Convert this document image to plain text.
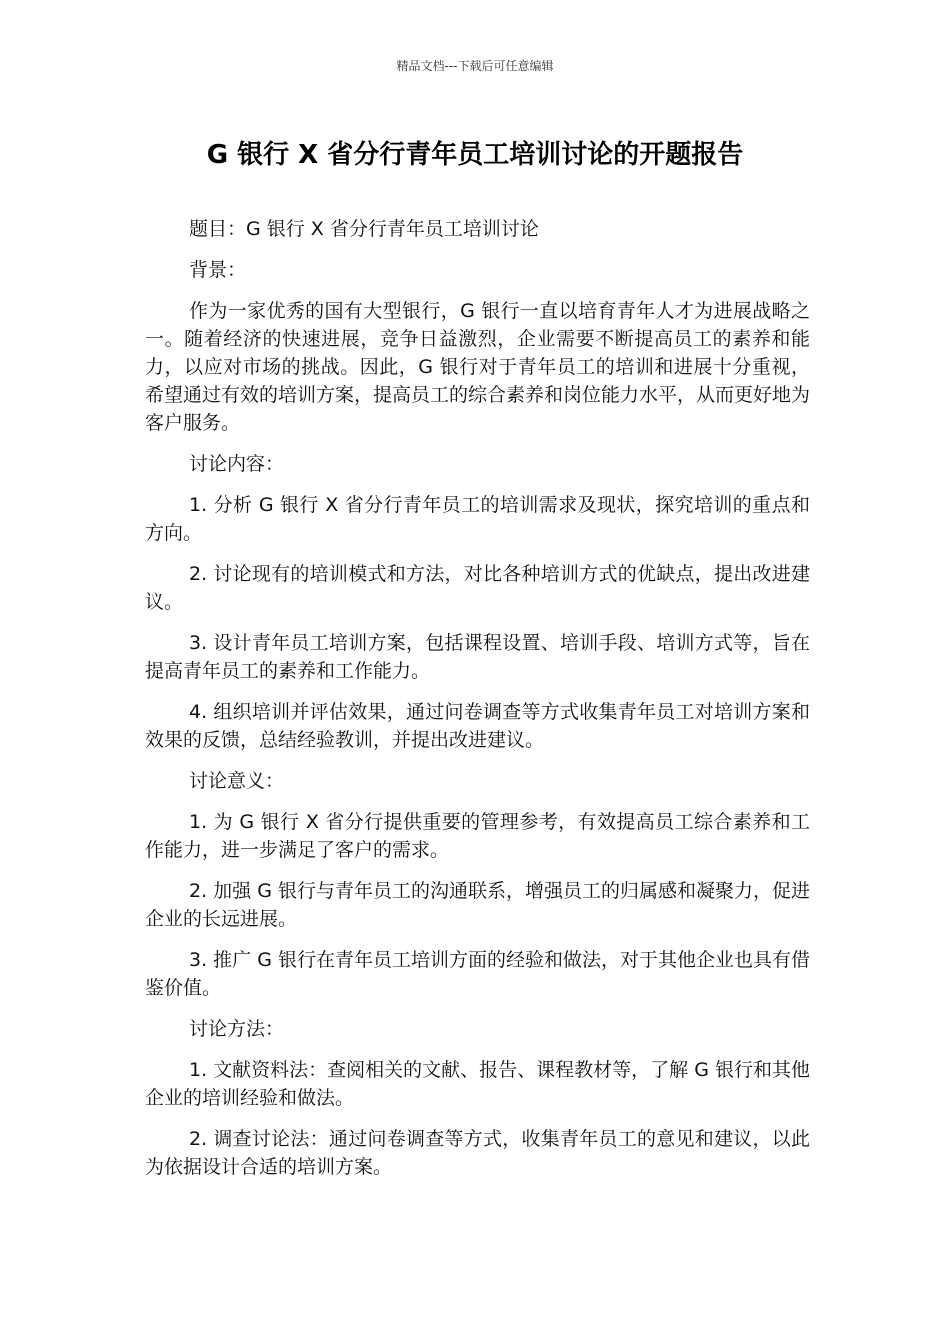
精品文档---下载后可任意编辑
G 银行 X 省分行青年员工培训讨论的开题报告

题目：G 银行 X 省分行青年员工培训讨论

背景：

作为一家优秀的国有大型银行，G 银行一直以培育青年人才为进展战略之一。随着经济的快速进展，竞争日益激烈，企业需要不断提高员工的素养和能力，以应对市场的挑战。因此，G 银行对于青年员工的培训和进展十分重视，希望通过有效的培训方案，提高员工的综合素养和岗位能力水平，从而更好地为客户服务。

讨论内容：

1. 分析 G 银行 X 省分行青年员工的培训需求及现状，探究培训的重点和方向。

2. 讨论现有的培训模式和方法，对比各种培训方式的优缺点，提出改进建议。

3. 设计青年员工培训方案，包括课程设置、培训手段、培训方式等，旨在提高青年员工的素养和工作能力。

4. 组织培训并评估效果，通过问卷调查等方式收集青年员工对培训方案和效果的反馈，总结经验教训，并提出改进建议。

讨论意义：

1. 为 G 银行 X 省分行提供重要的管理参考，有效提高员工综合素养和工作能力，进一步满足了客户的需求。

2. 加强 G 银行与青年员工的沟通联系，增强员工的归属感和凝聚力，促进企业的长远进展。

3. 推广 G 银行在青年员工培训方面的经验和做法，对于其他企业也具有借鉴价值。

讨论方法：

1. 文献资料法：查阅相关的文献、报告、课程教材等，了解 G 银行和其他企业的培训经验和做法。

2. 调查讨论法：通过问卷调查等方式，收集青年员工的意见和建议，以此为依据设计合适的培训方案。
